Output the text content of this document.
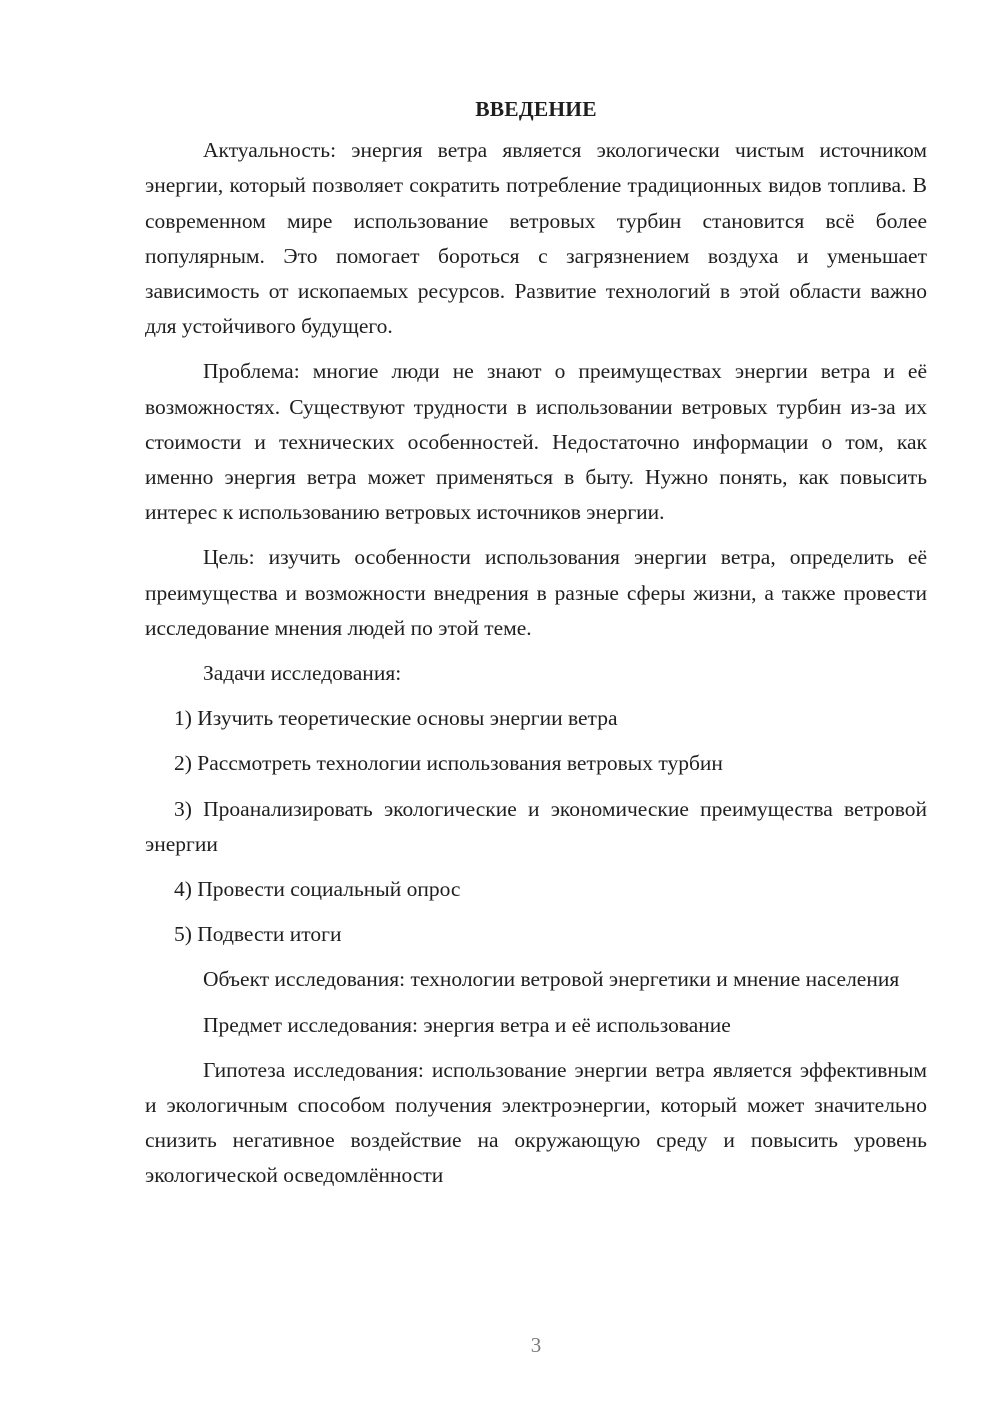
ВВЕДЕНИЕ

Актуальность: энергия ветра является экологически чистым источником энергии, который позволяет сократить потребление традиционных видов топлива. В современном мире использование ветровых турбин становится всё более популярным. Это помогает бороться с загрязнением воздуха и уменьшает зависимость от ископаемых ресурсов. Развитие технологий в этой области важно для устойчивого будущего.

Проблема: многие люди не знают о преимуществах энергии ветра и её возможностях. Существуют трудности в использовании ветровых турбин из-за их стоимости и технических особенностей. Недостаточно информации о том, как именно энергия ветра может применяться в быту. Нужно понять, как повысить интерес к использованию ветровых источников энергии.

Цель: изучить особенности использования энергии ветра, определить её преимущества и возможности внедрения в разные сферы жизни, а также провести исследование мнения людей по этой теме.

Задачи исследования:

1) Изучить теоретические основы энергии ветра

2) Рассмотреть технологии использования ветровых турбин

3) Проанализировать экологические и экономические преимущества ветровой энергии

4) Провести социальный опрос

5) Подвести итоги

Объект исследования: технологии ветровой энергетики и мнение населения

Предмет исследования: энергия ветра и её использование

Гипотеза исследования: использование энергии ветра является эффективным и экологичным способом получения электроэнергии, который может значительно снизить негативное воздействие на окружающую среду и повысить уровень экологической осведомлённости

3
